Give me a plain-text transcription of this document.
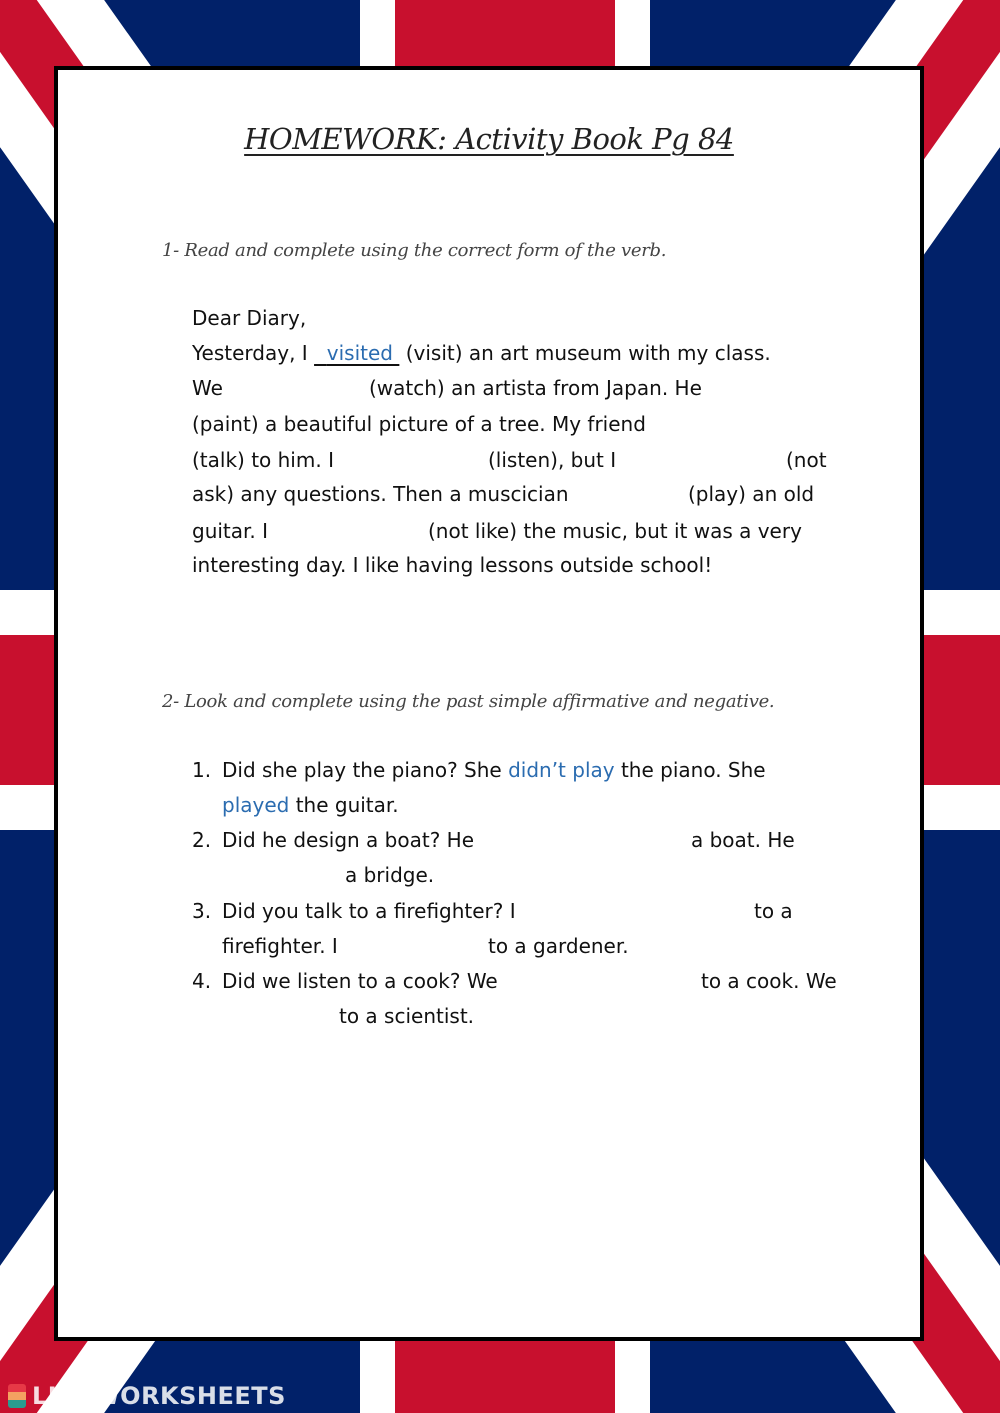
HOMEWORK: Activity Book Pg 84
1- Read and complete using the correct form of the verb.
Dear Diary,
Yesterday, I   visited  (visit) an art museum with my class.
We	(watch) an artista from Japan. He
(paint) a beautiful picture of a tree. My friend
(talk) to him. I	(listen), but I	(not
ask) any questions. Then a muscician	(play) an old
guitar. I	(not like) the music, but it was a very
interesting day. I like having lessons outside school!
2- Look and complete using the past simple affirmative and negative.
1. Did she play the piano? She didn’t play the piano. She
played the guitar.
2. Did he design a boat? He	a boat. He
a bridge.
3. Did you talk to a firefighter? I	to a
firefighter. I	to a gardener.
4. Did we listen to a cook? We	to a cook. We
to a scientist.
LIVEWORKSHEETS
